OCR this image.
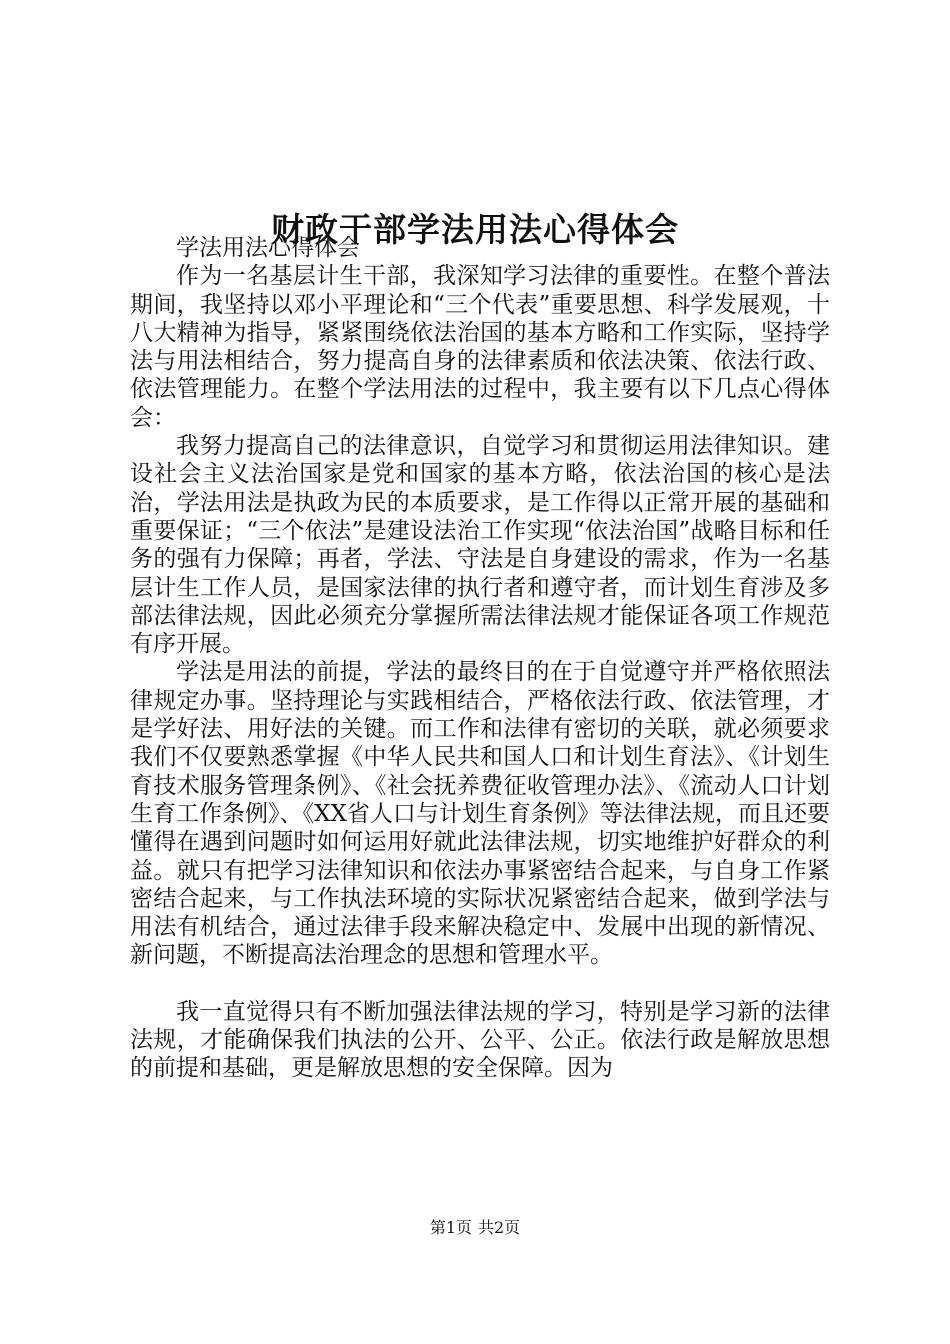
财政干部学法用法心得体会

学法用法心得体会

作为一名基层计生干部，我深知学习法律的重要性。在整个普法期间，我坚持以邓小平理论和“三个代表”重要思想、科学发展观，十八大精神为指导，紧紧围绕依法治国的基本方略和工作实际，坚持学法与用法相结合，努力提高自身的法律素质和依法决策、依法行政、依法管理能力。在整个学法用法的过程中，我主要有以下几点心得体会：

我努力提高自己的法律意识，自觉学习和贯彻运用法律知识。建设社会主义法治国家是党和国家的基本方略，依法治国的核心是法治，学法用法是执政为民的本质要求，是工作得以正常开展的基础和重要保证；“三个依法”是建设法治工作实现“依法治国”战略目标和任务的强有力保障；再者，学法、守法是自身建设的需求，作为一名基层计生工作人员，是国家法律的执行者和遵守者，而计划生育涉及多部法律法规，因此必须充分掌握所需法律法规才能保证各项工作规范有序开展。

学法是用法的前提，学法的最终目的在于自觉遵守并严格依照法律规定办事。坚持理论与实践相结合，严格依法行政、依法管理，才是学好法、用好法的关键。而工作和法律有密切的关联，就必须要求我们不仅要熟悉掌握《中华人民共和国人口和计划生育法》、《计划生育技术服务管理条例》、《社会抚养费征收管理办法》、《流动人口计划生育工作条例》、《XX省人口与计划生育条例》等法律法规，而且还要懂得在遇到问题时如何运用好就此法律法规，切实地维护好群众的利益。就只有把学习法律知识和依法办事紧密结合起来，与自身工作紧密结合起来，与工作执法环境的实际状况紧密结合起来，做到学法与用法有机结合，通过法律手段来解决稳定中、发展中出现的新情况、新问题，不断提高法治理念的思想和管理水平。

我一直觉得只有不断加强法律法规的学习，特别是学习新的法律法规，才能确保我们执法的公开、公平、公正。依法行政是解放思想的前提和基础，更是解放思想的安全保障。因为

第1页 共2页
